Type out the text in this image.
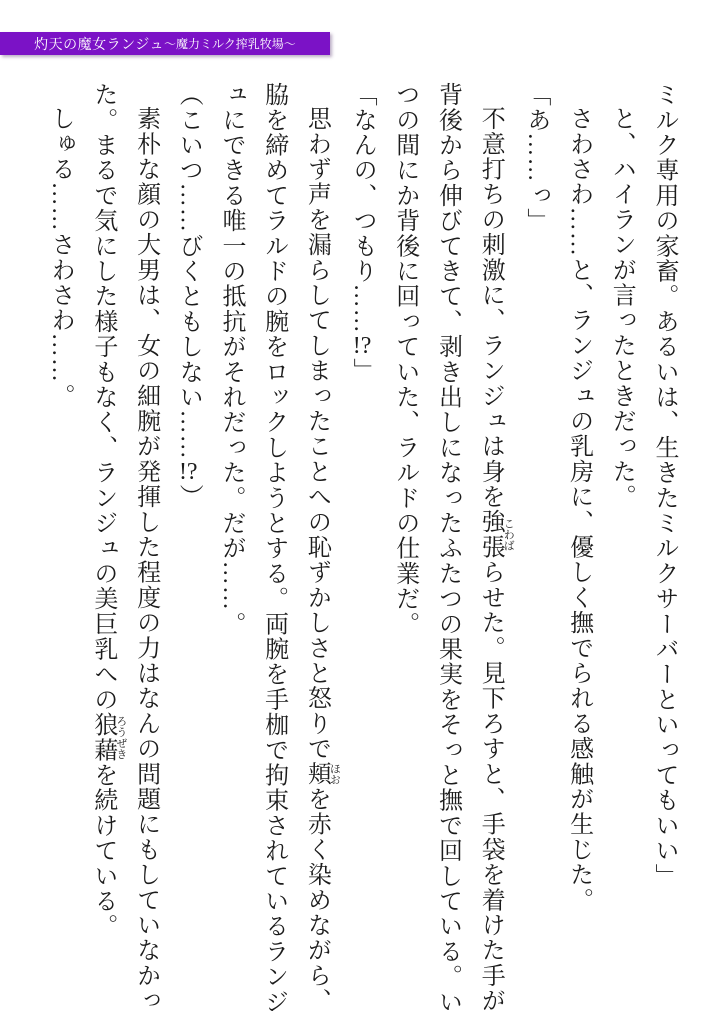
灼天の魔女ランジュ ～魔力ミルク搾乳牧場～

ミルク専用の家畜。あるいは、生きたミルクサーバーといってもいい」

と、ハイランが言ったときだった。

さわさわ……と、ランジュの乳房に、優しく撫でられる感触が生じた。

「あ……っ」

不意打ちの刺激に、ランジュは身を強張 こわばらせた。見下ろすと、手袋を着けた手が背後から伸びてきて、剥き出しになったふたつの果実をそっと撫で回している。いつの間にか背後に回っていた、ラルドの仕業だ。

「なんの、つもり……!?」

思わず声を漏らしてしまったことへの恥ずかしさと怒りで頬 ほおを赤く染めながら、脇を締めてラルドの腕をロックしようとする。両腕を手枷で拘束されているランジュにできる唯一の抵抗がそれだった。だが……。

（こいつ……びくともしない……!?）

素朴な顔の大男は、女の細腕が発揮した程度の力はなんの問題にもしていなかった。まるで気にした様子もなく、ランジュの美巨乳への狼藉 ろうぜきを続けている。

しゅる……さわさわ……。
